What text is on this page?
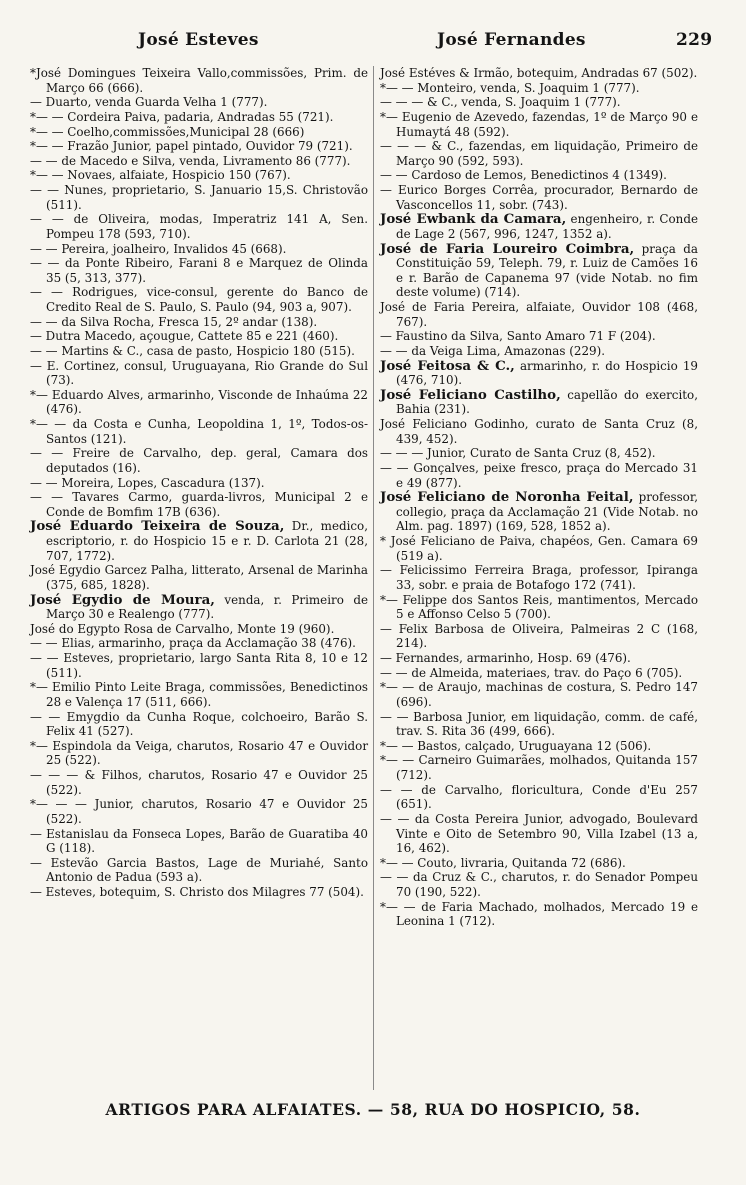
José Esteves	José Fernandes	229

*José Domingues Teixeira Vallo,commissões, Prim. de Março 66 (666).

— Duarto, venda Guarda Velha 1 (777).

*— — Cordeira Paiva, padaria, Andradas 55 (721).

*— — Coelho,commissões,Municipal 28 (666)

*— — Frazão Junior, papel pintado, Ouvidor 79 (721).

— — de Macedo e Silva, venda, Livramento 86 (777).

*— — Novaes, alfaiate, Hospicio 150 (767).

— — Nunes, proprietario, S. Januario 15,S. Christovão (511).

— — de Oliveira, modas, Imperatriz 141 A, Sen. Pompeu 178 (593, 710).

— — Pereira, joalheiro, Invalidos 45 (668).

— — da Ponte Ribeiro, Farani 8 e Marquez de Olinda 35 (5, 313, 377).

— — Rodrigues, vice-consul, gerente do Banco de Credito Real de S. Paulo, S. Paulo (94, 903 a, 907).

— — da Silva Rocha, Fresca 15, 2º andar (138).

— Dutra Macedo, açougue, Cattete 85 e 221 (460).

— — Martins & C., casa de pasto, Hospicio 180 (515).

— E. Cortinez, consul, Uruguayana, Rio Grande do Sul (73).

*— Eduardo Alves, armarinho, Visconde de Inhaúma 22 (476).

*— — da Costa e Cunha, Leopoldina 1, 1º, Todos-os-Santos (121).

— — Freire de Carvalho, dep. geral, Camara dos deputados (16).

— — Moreira, Lopes, Cascadura (137).

— — Tavares Carmo, guarda-livros, Municipal 2 e Conde de Bomfim 17B (636).

José Eduardo Teixeira de Souza, Dr., medico, escriptorio, r. do Hospicio 15 e r. D. Carlota 21 (28, 707, 1772).

José Egydio Garcez Palha, litterato, Arsenal de Marinha (375, 685, 1828).

José Egydio de Moura, venda, r. Primeiro de Março 30 e Realengo (777).

José do Egypto Rosa de Carvalho, Monte 19 (960).

— — Elias, armarinho, praça da Acclamação 38 (476).

— — Esteves, proprietario, largo Santa Rita 8, 10 e 12 (511).

*— Emilio Pinto Leite Braga, commissões, Benedictinos 28 e Valença 17 (511, 666).

— — Emygdio da Cunha Roque, colchoeiro, Barão S. Felix 41 (527).

*— Espindola da Veiga, charutos, Rosario 47 e Ouvidor 25 (522).

— — — & Filhos, charutos, Rosario 47 e Ouvidor 25 (522).

*— — — Junior, charutos, Rosario 47 e Ouvidor 25 (522).

— Estanislau da Fonseca Lopes, Barão de Guaratiba 40 G (118).

— Estevão Garcia Bastos, Lage de Muriahé, Santo Antonio de Padua (593 a).

— Esteves, botequim, S. Christo dos Milagres 77 (504).

José Estéves & Irmão, botequim, Andradas 67 (502).

*— — Monteiro, venda, S. Joaquim 1 (777).

— — — & C., venda, S. Joaquim 1 (777).

*— Eugenio de Azevedo, fazendas, 1º de Março 90 e Humaytá 48 (592).

— — — & C., fazendas, em liquidação, Primeiro de Março 90 (592, 593).

— — Cardoso de Lemos, Benedictinos 4 (1349).

— Eurico Borges Corrêa, procurador, Bernardo de Vasconcellos 11, sobr. (743).

José Ewbank da Camara, engenheiro, r. Conde de Lage 2 (567, 996, 1247, 1352 a).

José de Faria Loureiro Coimbra, praça da Constituição 59, Teleph. 79, r. Luiz de Camões 16 e r. Barão de Capanema 97 (vide Notab. no fim deste volume) (714).

José de Faria Pereira, alfaiate, Ouvidor 108 (468, 767).

— Faustino da Silva, Santo Amaro 71 F (204).

— — da Veiga Lima, Amazonas (229).

José Feitosa & C., armarinho, r. do Hospicio 19 (476, 710).

José Feliciano Castilho, capellão do exercito, Bahia (231).

José Feliciano Godinho, curato de Santa Cruz (8, 439, 452).

— — — Junior, Curato de Santa Cruz (8, 452).

— — Gonçalves, peixe fresco, praça do Mercado 31 e 49 (877).

José Feliciano de Noronha Feital, professor, collegio, praça da Acclamação 21 (Vide Notab. no Alm. pag. 1897) (169, 528, 1852 a).

* José Feliciano de Paiva, chapéos, Gen. Camara 69 (519 a).

— Felicissimo Ferreira Braga, professor, Ipiranga 33, sobr. e praia de Botafogo 172 (741).

*— Felippe dos Santos Reis, mantimentos, Mercado 5 e Affonso Celso 5 (700).

— Felix Barbosa de Oliveira, Palmeiras 2 C (168, 214).

— Fernandes, armarinho, Hosp. 69 (476).

— — de Almeida, materiaes, trav. do Paço 6 (705).

*— — de Araujo, machinas de costura, S. Pedro 147 (696).

— — Barbosa Junior, em liquidação, comm. de café, trav. S. Rita 36 (499, 666).

*— — Bastos, calçado, Uruguayana 12 (506).

*— — Carneiro Guimarães, molhados, Quitanda 157 (712).

— — de Carvalho, floricultura, Conde d'Eu 257 (651).

— — da Costa Pereira Junior, advogado, Boulevard Vinte e Oito de Setembro 90, Villa Izabel (13 a, 16, 462).

*— — Couto, livraria, Quitanda 72 (686).

— — da Cruz & C., charutos, r. do Senador Pompeu 70 (190, 522).

*— — de Faria Machado, molhados, Mercado 19 e Leonina 1 (712).

ARTIGOS PARA ALFAIATES. — 58, RUA DO HOSPICIO, 58.
